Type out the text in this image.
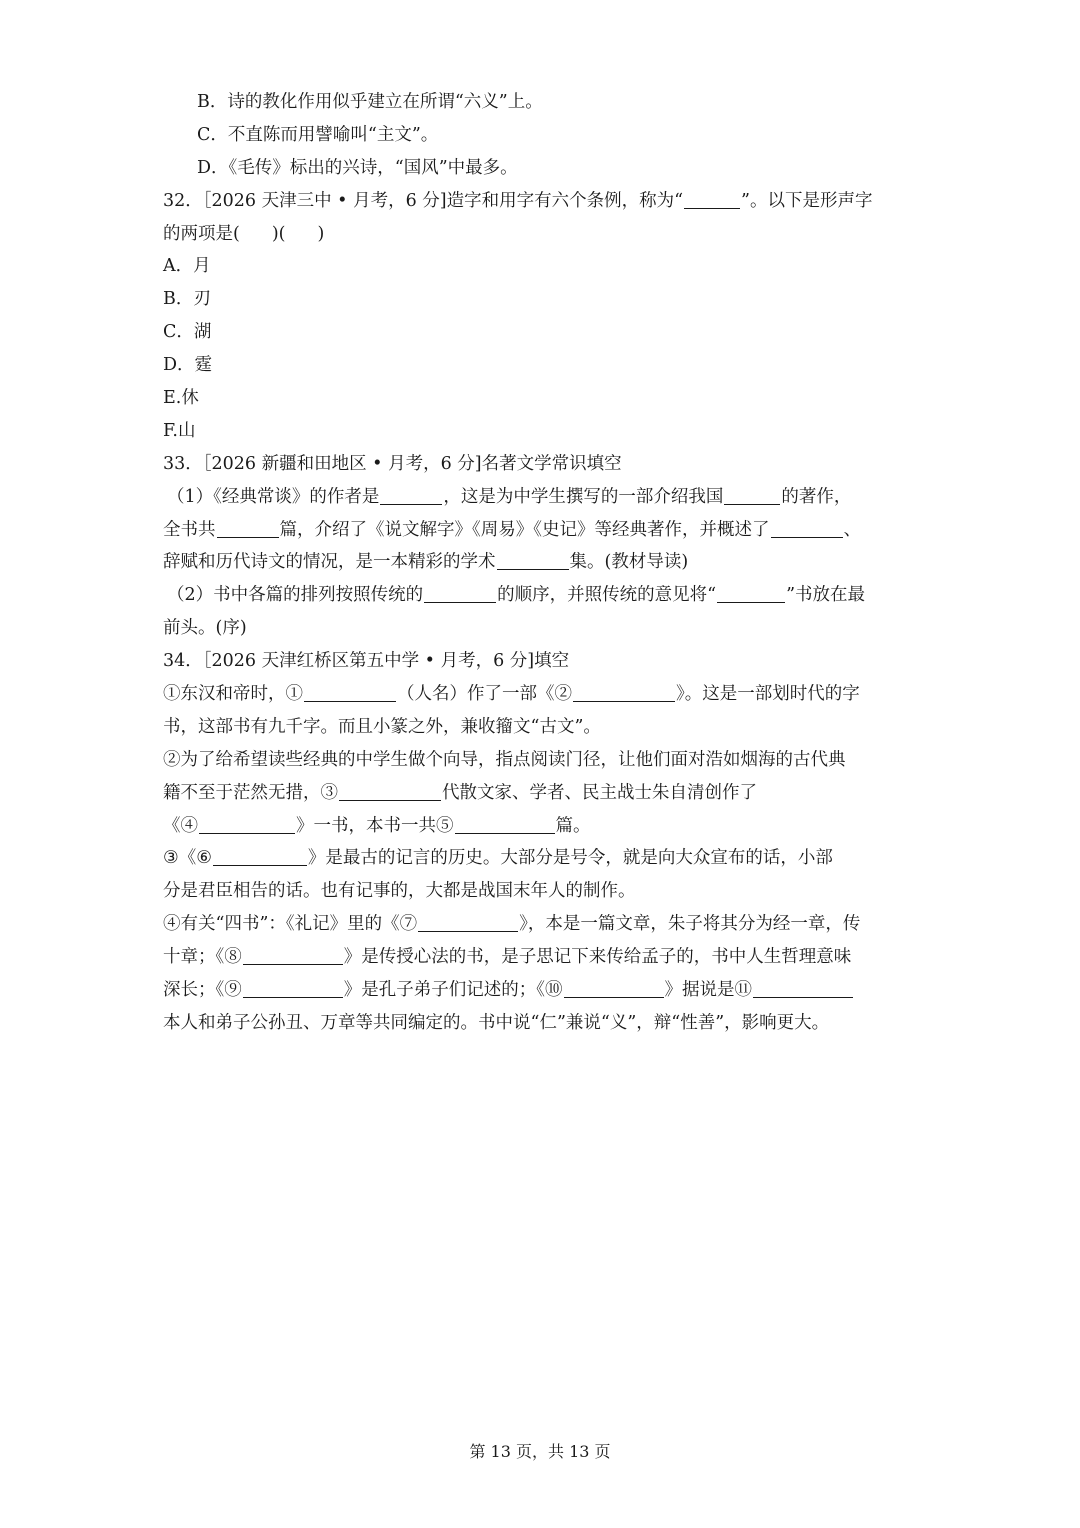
B．诗的教化作用似乎建立在所谓“六义”上。
C．不直陈而用譬喻叫“主文”。
D．《毛传》标出的兴诗，“国风”中最多。
32．［2026 天津三中 • 月考，6 分]造字和用字有六个条例，称为“	”。以下是形声字
的两项是( )( )
A．月
B．刃
C．湖
D．霆
E.休
F.山
33．［2026 新疆和田地区 • 月考，6 分]名著文学常识填空
（1）《经典常谈》的作者是	，这是为中学生撰写的一部介绍我国	的著作，
全书共	篇，介绍了《说文解字》《周易》《史记》等经典著作，并概述了	、
辞赋和历代诗文的情况，是一本精彩的学术	集。(教材导读)
（2）书中各篇的排列按照传统的	的顺序，并照传统的意见将“	”书放在最
前头。(序)
34．［2026 天津红桥区第五中学 • 月考，6 分]填空
①东汉和帝时，①	（人名）作了一部《②	》。这是一部划时代的字
书，这部书有九千字。而且小篆之外，兼收籀文“古文”。
②为了给希望读些经典的中学生做个向导，指点阅读门径，让他们面对浩如烟海的古代典
籍不至于茫然无措，③	代散文家、学者、民主战士朱自清创作了
《④	》一书，本书一共⑤	篇。
③《⑥	》是最古的记言的历史。大部分是号令，就是向大众宣布的话，小部
分是君臣相告的话。也有记事的，大都是战国末年人的制作。
④有关“四书”：《礼记》里的《⑦	》，本是一篇文章，朱子将其分为经一章，传
十章；《⑧	》是传授心法的书，是子思记下来传给孟子的，书中人生哲理意味
深长；《⑨	》是孔子弟子们记述的；《⑩	》据说是⑪
本人和弟子公孙丑、万章等共同编定的。书中说“仁”兼说“义”，辩“性善”，影响更大。
第 13 页，共 13 页
